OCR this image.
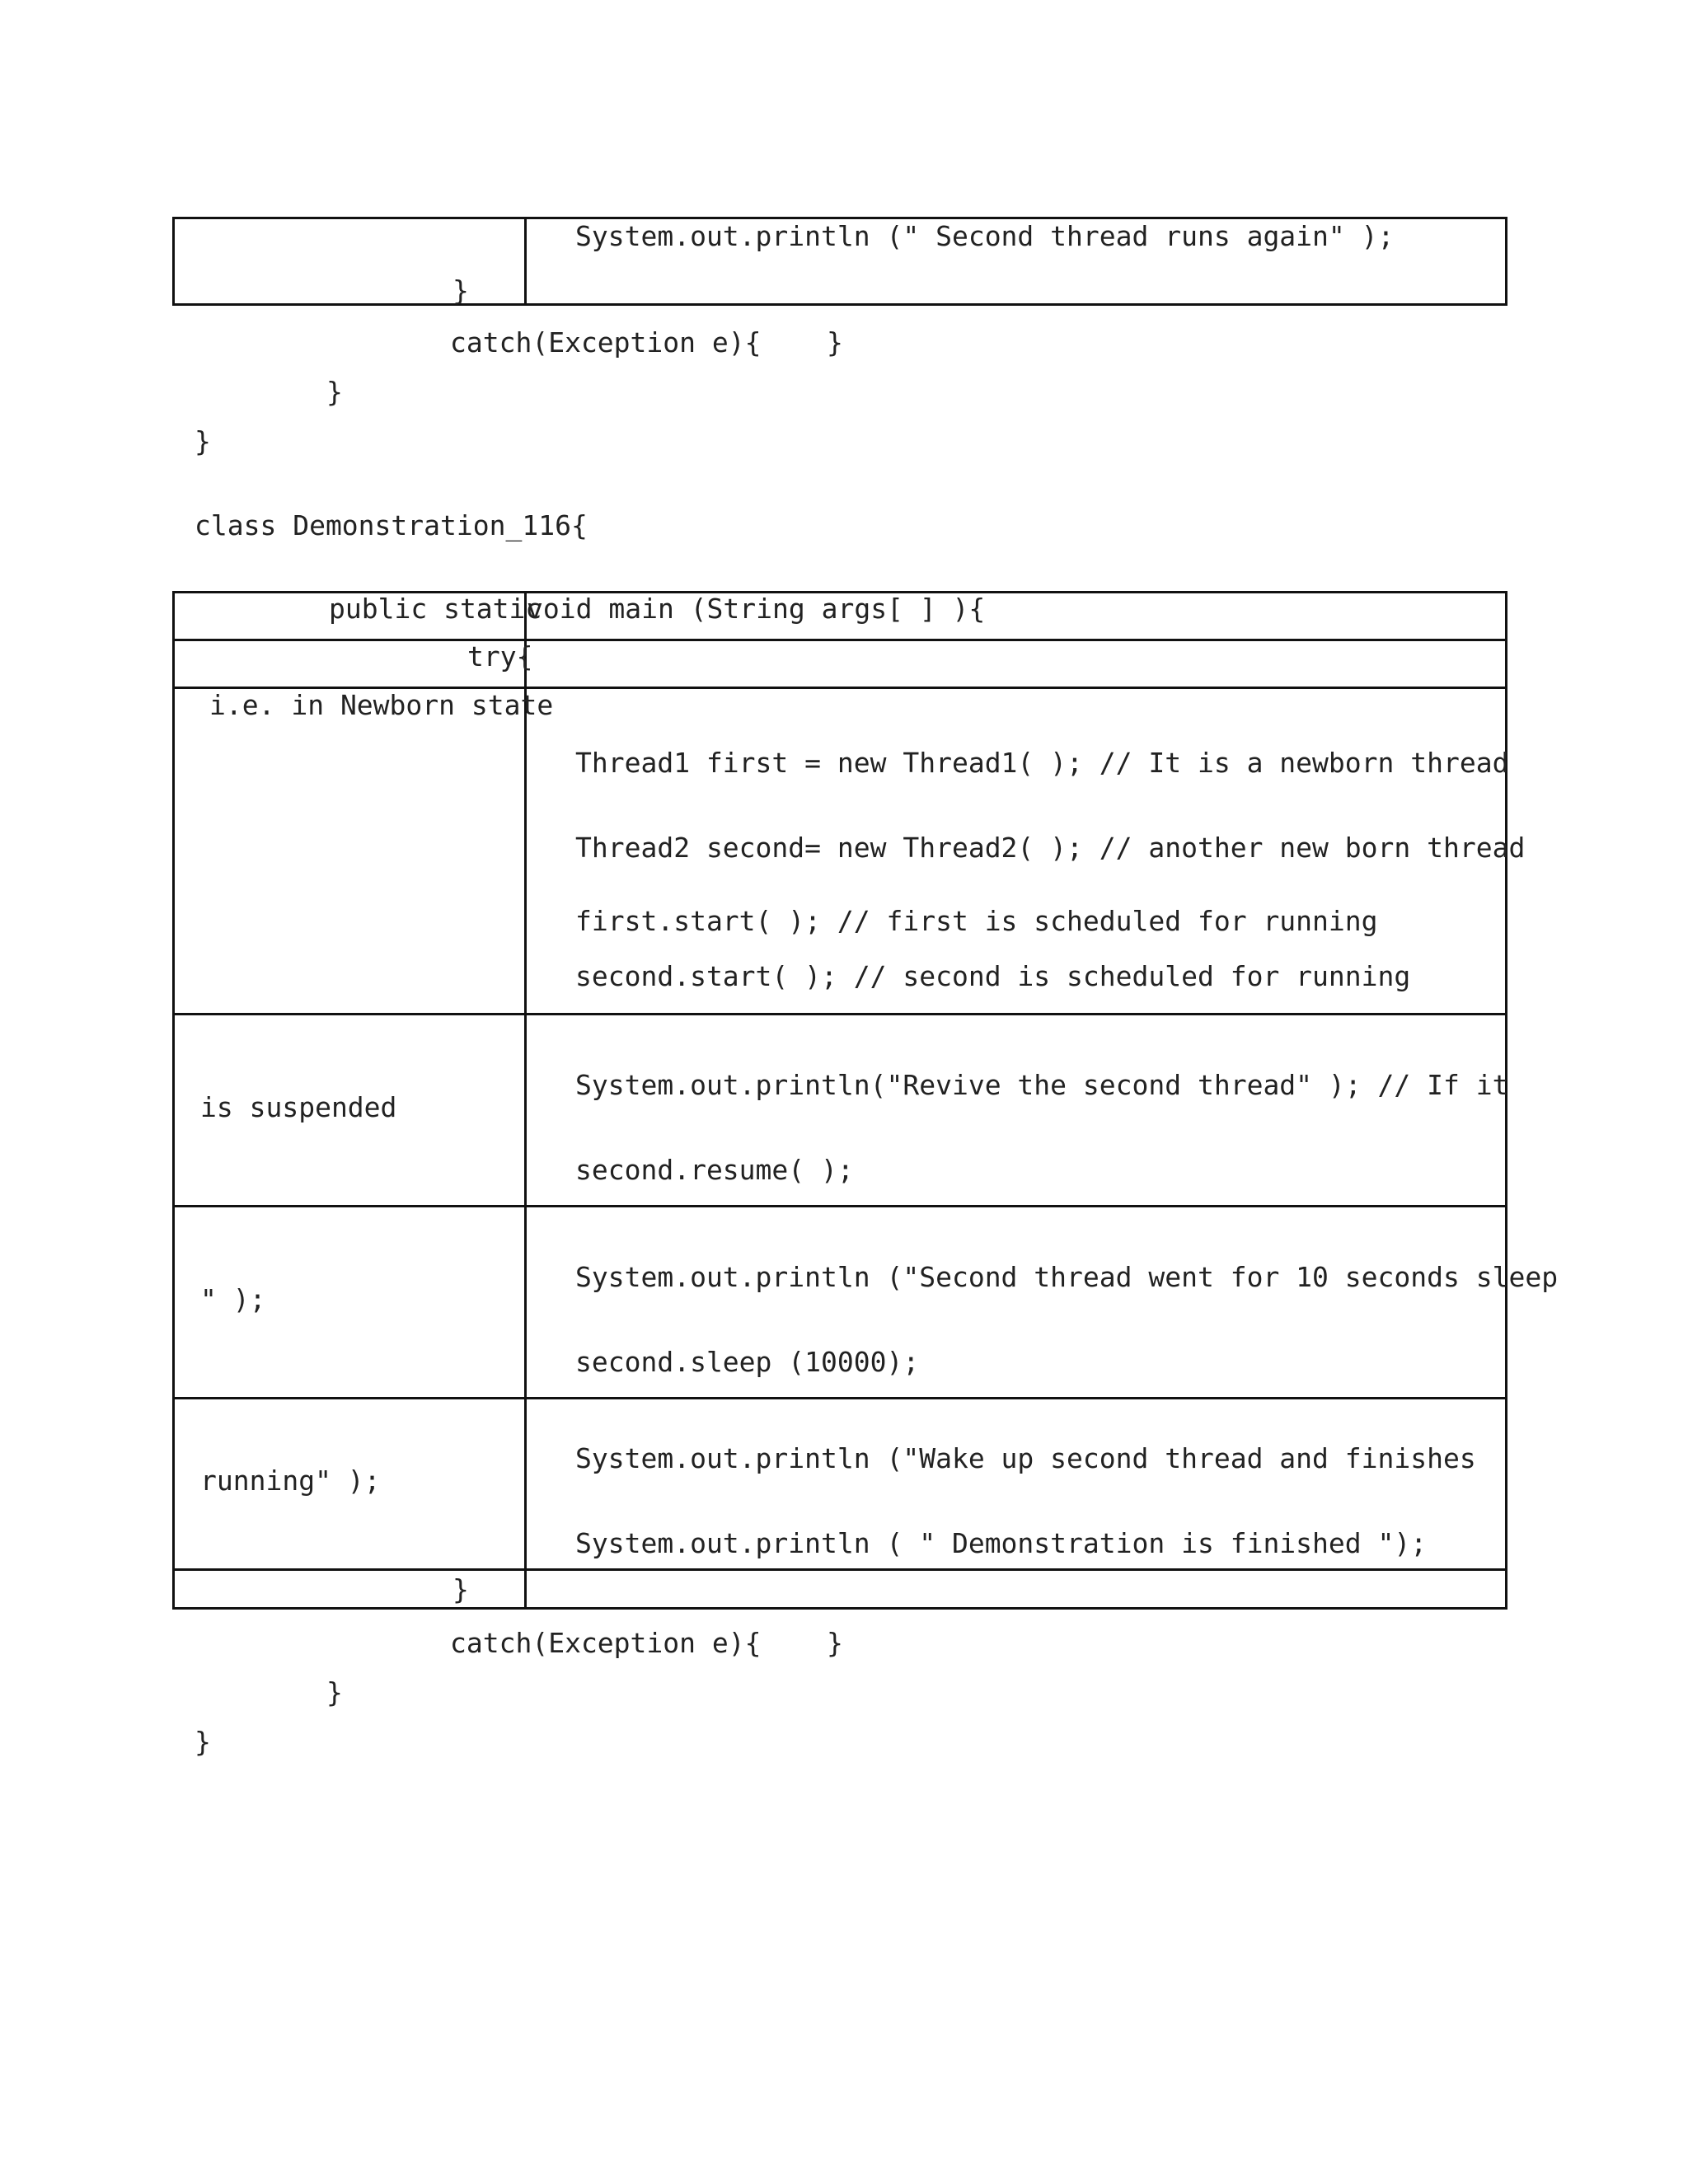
System.out.println (" Second thread runs again" );
}
catch(Exception e){    }
}
}
class Demonstration_116{
public static
void main (String args[ ] ){
try{
i.e. in Newborn state
Thread1 first = new Thread1( ); // It is a newborn thread
Thread2 second= new Thread2( ); // another new born thread
first.start( ); // first is scheduled for running
second.start( ); // second is scheduled for running
is suspended
System.out.println("Revive the second thread" ); // If it
second.resume( );
" );
System.out.println ("Second thread went for 10 seconds sleep
second.sleep (10000);
running" );
System.out.println ("Wake up second thread and finishes
System.out.println ( " Demonstration is finished ");
}
catch(Exception e){    }
}
}
